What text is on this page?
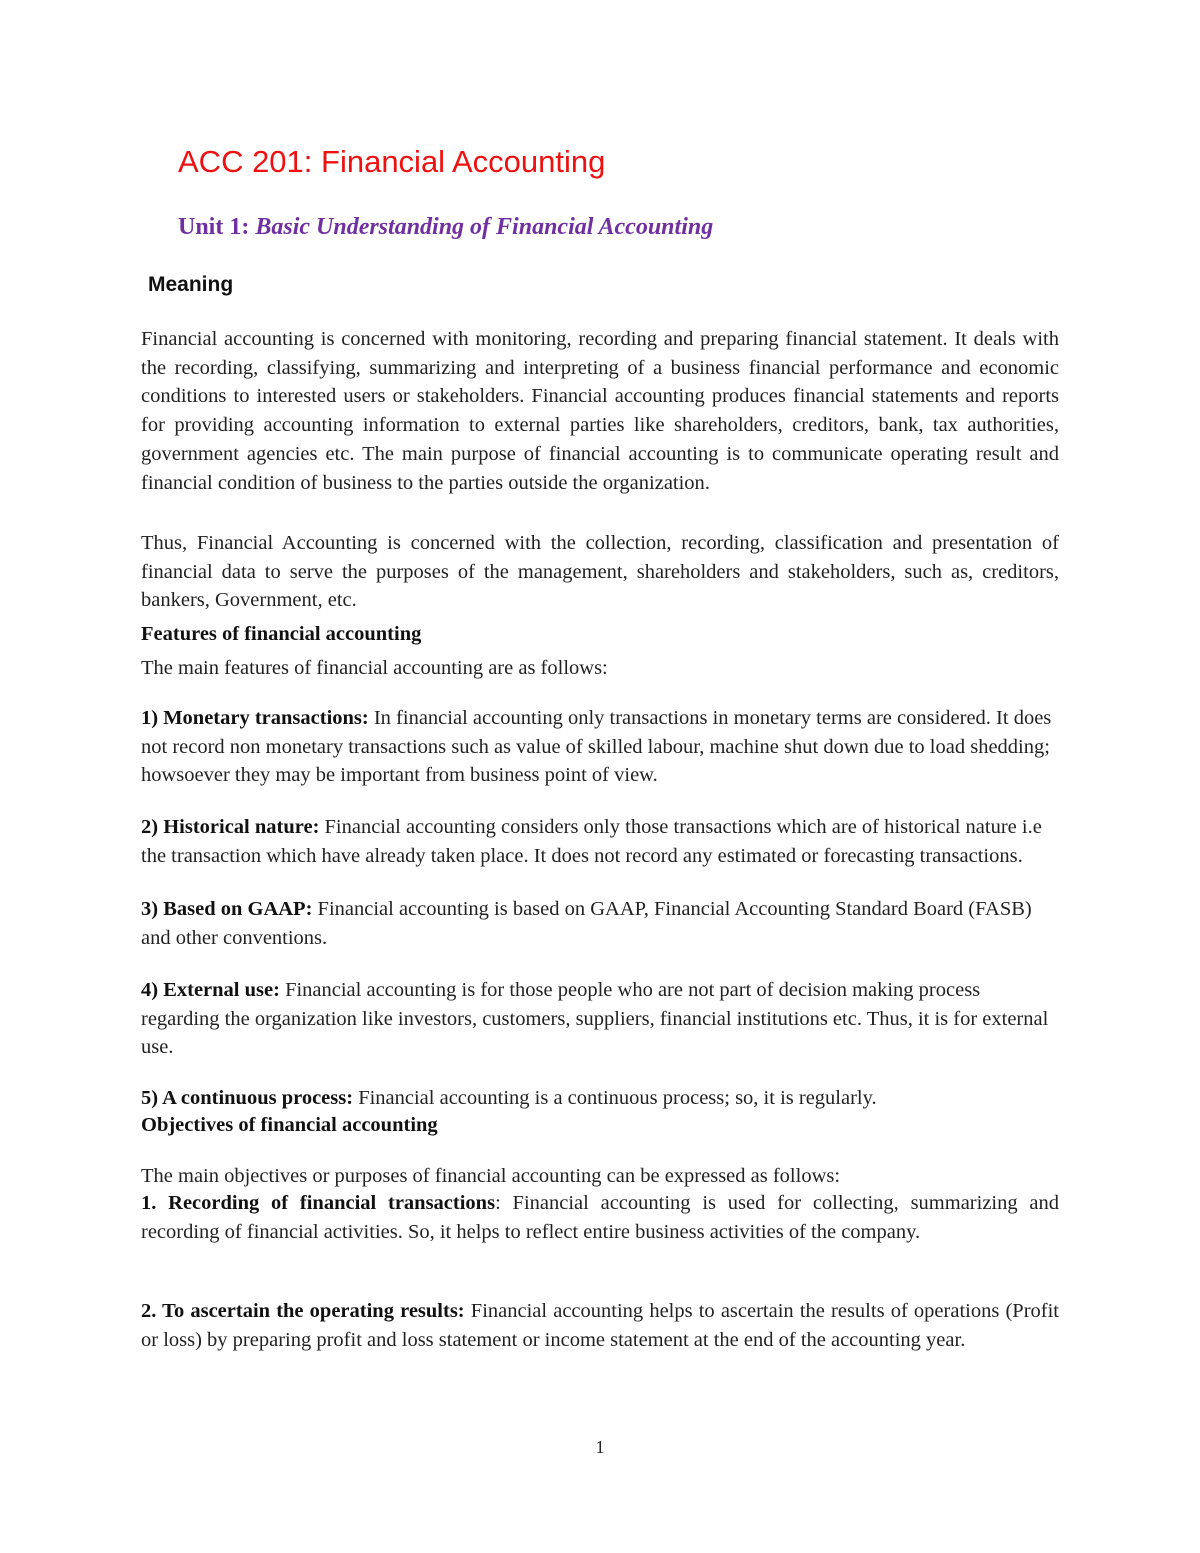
ACC 201: Financial Accounting
Unit 1: Basic Understanding of Financial Accounting
Meaning

Financial accounting is concerned with monitoring, recording and preparing financial statement. It deals with the recording, classifying, summarizing and interpreting of a business financial performance and economic conditions to interested users or stakeholders. Financial accounting produces financial statements and reports for providing accounting information to external parties like shareholders, creditors, bank, tax authorities, government agencies etc. The main purpose of financial accounting is to communicate operating result and financial condition of business to the parties outside the organization.

Thus, Financial Accounting is concerned with the collection, recording, classification and presentation of financial data to serve the purposes of the management, shareholders and stakeholders, such as, creditors, bankers, Government, etc.

Features of financial accounting
The main features of financial accounting are as follows:

1) Monetary transactions: In financial accounting only transactions in monetary terms are considered. It does not record non monetary transactions such as value of skilled labour, machine shut down due to load shedding; howsoever they may be important from business point of view.

2) Historical nature: Financial accounting considers only those transactions which are of historical nature i.e the transaction which have already taken place. It does not record any estimated or forecasting transactions.

3) Based on GAAP: Financial accounting is based on GAAP, Financial Accounting Standard Board (FASB) and other conventions.

4) External use: Financial accounting is for those people who are not part of decision making process regarding the organization like investors, customers, suppliers, financial institutions etc. Thus, it is for external use.

5) A continuous process: Financial accounting is a continuous process; so, it is regularly.

Objectives of financial accounting
The main objectives or purposes of financial accounting can be expressed as follows:

1. Recording of financial transactions: Financial accounting is used for collecting, summarizing and recording of financial activities. So, it helps to reflect entire business activities of the company.

2. To ascertain the operating results: Financial accounting helps to ascertain the results of operations (Profit or loss) by preparing profit and loss statement or income statement at the end of the accounting year.

1
